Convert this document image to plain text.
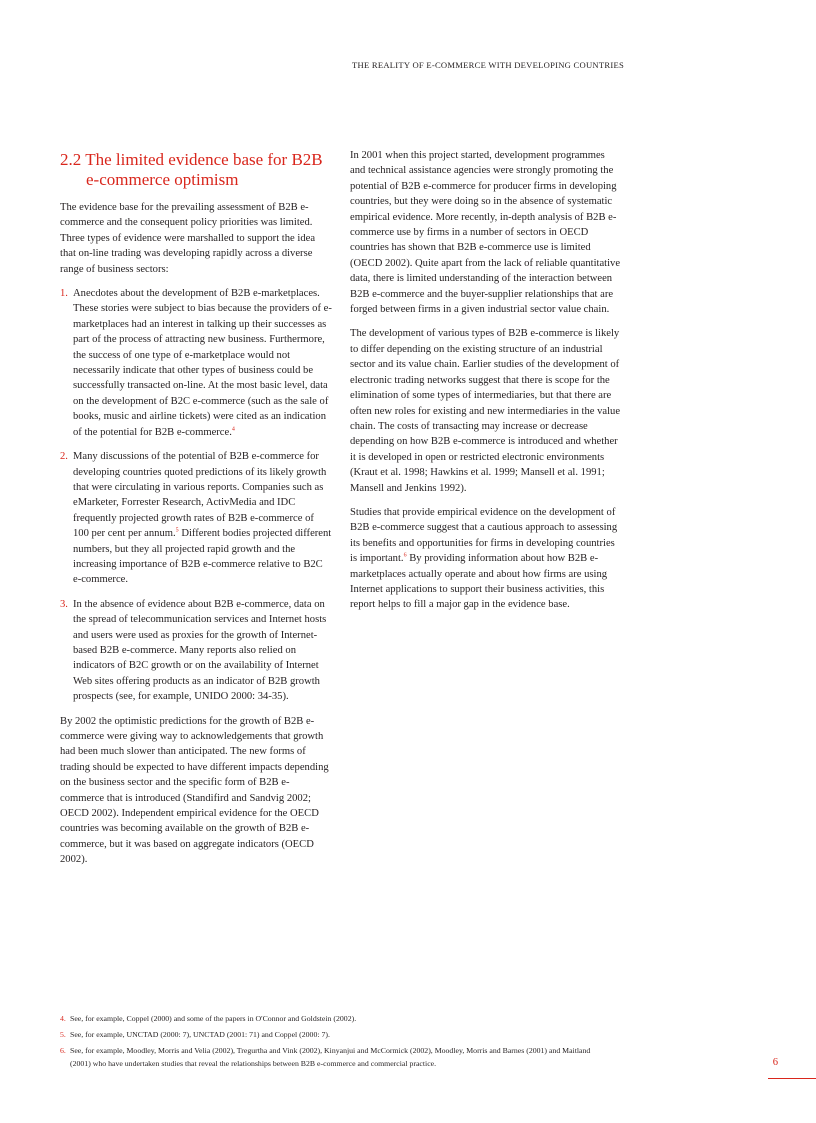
THE REALITY OF E-COMMERCE WITH DEVELOPING COUNTRIES
2.2 The limited evidence base for B2B e-commerce optimism

The evidence base for the prevailing assessment of B2B e-commerce and the consequent policy priorities was limited. Three types of evidence were marshalled to support the idea that on-line trading was developing rapidly across a diverse range of business sectors:

1. Anecdotes about the development of B2B e-marketplaces. These stories were subject to bias because the providers of e-marketplaces had an interest in talking up their successes as part of the process of attracting new business. Furthermore, the success of one type of e-marketplace would not necessarily indicate that other types of business could be successfully transacted on-line. At the most basic level, data on the development of B2C e-commerce (such as the sale of books, music and airline tickets) were cited as an indication of the potential for B2B e-commerce.$^4$
2. Many discussions of the potential of B2B e-commerce for developing countries quoted predictions of its likely growth that were circulating in various reports. Companies such as eMarketer, Forrester Research, ActivMedia and IDC frequently projected growth rates of B2B e-commerce of 100 per cent per annum.$^5$ Different bodies projected different numbers, but they all projected rapid growth and the increasing importance of B2B e-commerce relative to B2C e-commerce.
3. In the absence of evidence about B2B e-commerce, data on the spread of telecommunication services and Internet hosts and users were used as proxies for the growth of Internet-based B2B e-commerce. Many reports also relied on indicators of B2C growth or on the availability of Internet Web sites offering products as an indicator of B2B growth prospects (see, for example, UNIDO 2000: 34-35).

By 2002 the optimistic predictions for the growth of B2B e-commerce were giving way to acknowledgements that growth had been much slower than anticipated. The new forms of trading should be expected to have different impacts depending on the business sector and the specific form of B2B e-commerce that is introduced (Standifird and Sandvig 2002; OECD 2002). Independent empirical evidence for the OECD countries was becoming available on the growth of B2B e-commerce, but it was based on aggregate indicators (OECD 2002).

In 2001 when this project started, development programmes and technical assistance agencies were strongly promoting the potential of B2B e-commerce for producer firms in developing countries, but they were doing so in the absence of systematic empirical evidence. More recently, in-depth analysis of B2B e-commerce use by firms in a number of sectors in OECD countries has shown that B2B e-commerce use is limited (OECD 2002). Quite apart from the lack of reliable quantitative data, there is limited understanding of the interaction between B2B e-commerce and the buyer-supplier relationships that are forged between firms in a given industrial sector value chain.

The development of various types of B2B e-commerce is likely to differ depending on the existing structure of an industrial sector and its value chain. Earlier studies of the development of electronic trading networks suggest that there is scope for the elimination of some types of intermediaries, but that there are often new roles for existing and new intermediaries in the value chain. The costs of transacting may increase or decrease depending on how B2B e-commerce is introduced and whether it is developed in open or restricted electronic environments (Kraut et al. 1998; Hawkins et al. 1999; Mansell et al. 1991; Mansell and Jenkins 1992).

Studies that provide empirical evidence on the development of B2B e-commerce suggest that a cautious approach to assessing its benefits and opportunities for firms in developing countries is important.$^6$ By providing information about how B2B e-marketplaces actually operate and about how firms are using Internet applications to support their business activities, this report helps to fill a major gap in the evidence base.

4. See, for example, Coppel (2000) and some of the papers in O'Connor and Goldstein (2002).
5. See, for example, UNCTAD (2000: 7), UNCTAD (2001: 71) and Coppel (2000: 7).
6. See, for example, Moodley, Morris and Velia (2002), Tregurtha and Vink (2002), Kinyanjui and McCormick (2002), Moodley, Morris and Barnes (2001) and Maitland (2001) who have undertaken studies that reveal the relationships between B2B e-commerce and commercial practice.	6
